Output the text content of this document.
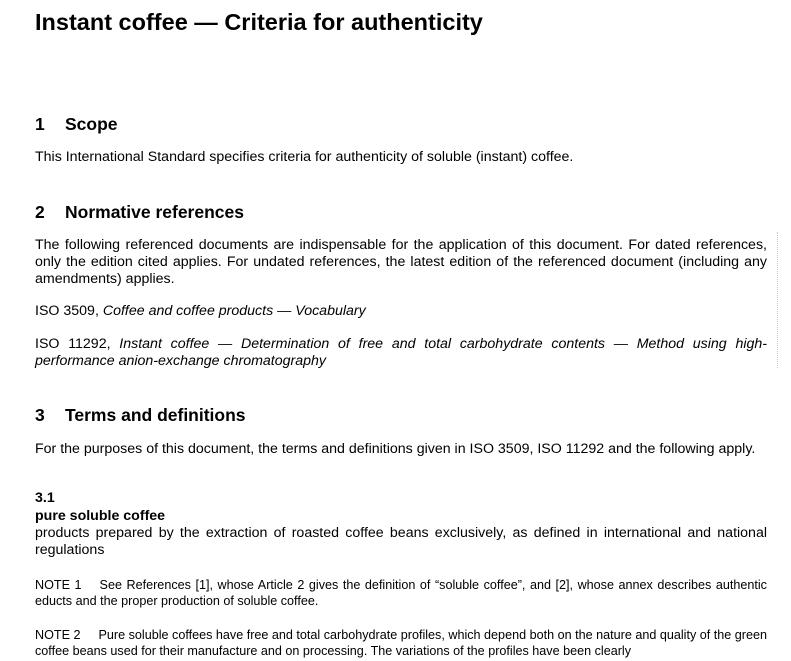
Instant coffee — Criteria for authenticity
1 Scope

This International Standard specifies criteria for authenticity of soluble (instant) coffee.

2 Normative references

The following referenced documents are indispensable for the application of this document. For dated references, only the edition cited applies. For undated references, the latest edition of the referenced document (including any amendments) applies.

ISO 3509, Coffee and coffee products — Vocabulary

ISO 11292, Instant coffee — Determination of free and total carbohydrate contents — Method using high-performance anion-exchange chromatography

3 Terms and definitions

For the purposes of this document, the terms and definitions given in ISO 3509, ISO 11292 and the following apply.

3.1
pure soluble coffee

products prepared by the extraction of roasted coffee beans exclusively, as defined in international and national regulations

NOTE 1 See References [1], whose Article 2 gives the definition of “soluble coffee”, and [2], whose annex describes authentic educts and the proper production of soluble coffee.

NOTE 2 Pure soluble coffees have free and total carbohydrate profiles, which depend both on the nature and quality of the green coffee beans used for their manufacture and on processing. The variations of the profiles have been clearly
